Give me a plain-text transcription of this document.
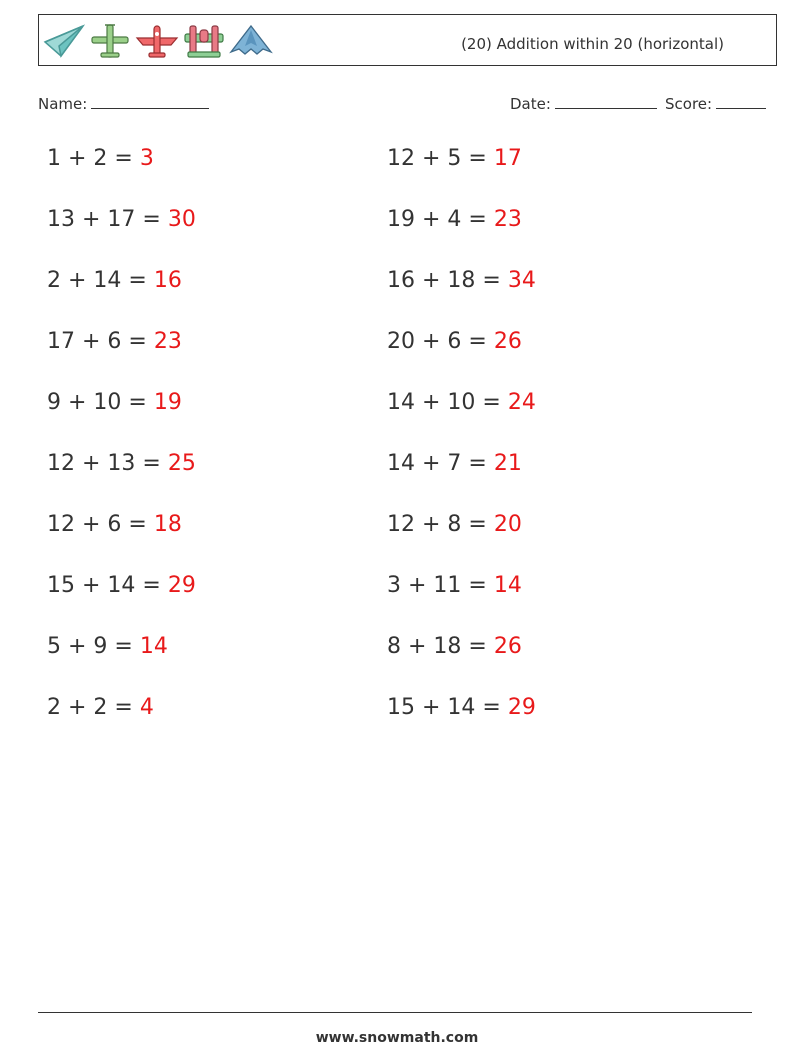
(20) Addition within 20 (horizontal)
Name:	Date:	Score:
1 + 2 = 3	12 + 5 = 17
13 + 17 = 30	19 + 4 = 23
2 + 14 = 16	16 + 18 = 34
17 + 6 = 23	20 + 6 = 26
9 + 10 = 19	14 + 10 = 24
12 + 13 = 25	14 + 7 = 21
12 + 6 = 18	12 + 8 = 20
15 + 14 = 29	3 + 11 = 14
5 + 9 = 14	8 + 18 = 26
2 + 2 = 4	15 + 14 = 29
www.snowmath.com
